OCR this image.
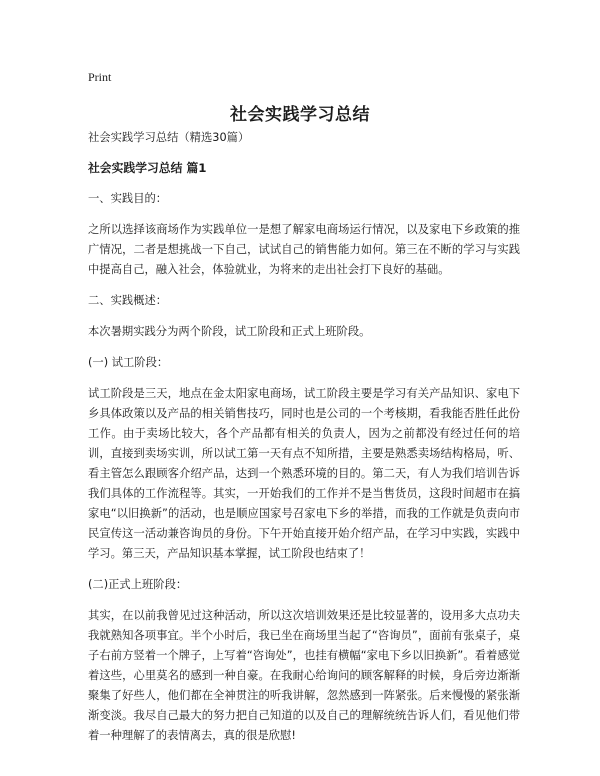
Print
社会实践学习总结

社会实践学习总结（精选30篇）

社会实践学习总结 篇1

一、实践目的：

之所以选择该商场作为实践单位一是想了解家电商场运行情况，以及家电下乡政策的推广情况，二者是想挑战一下自己，试试自己的销售能力如何。第三在不断的学习与实践中提高自己，融入社会，体验就业，为将来的走出社会打下良好的基础。

二、实践概述：

本次暑期实践分为两个阶段，试工阶段和正式上班阶段。

(一) 试工阶段：

试工阶段是三天，地点在金太阳家电商场，试工阶段主要是学习有关产品知识、家电下乡具体政策以及产品的相关销售技巧，同时也是公司的一个考核期，看我能否胜任此份工作。由于卖场比较大，各个产品都有相关的负责人，因为之前都没有经过任何的培训，直接到卖场实训，所以试工第一天有点不知所措，主要是熟悉卖场结构格局，听、看主管怎么跟顾客介绍产品，达到一个熟悉环境的目的。第二天，有人为我们培训告诉我们具体的工作流程等。其实，一开始我们的工作并不是当售货员，这段时间超市在搞家电“以旧换新”的活动，也是顺应国家号召家电下乡的举措，而我的工作就是负责向市民宣传这一活动兼咨询员的身份。下午开始直接开始介绍产品，在学习中实践，实践中学习。第三天，产品知识基本掌握，试工阶段也结束了！

(二)正式上班阶段：

其实，在以前我曾见过这种活动，所以这次培训效果还是比较显著的，设用多大点功夫我就熟知各项事宜。半个小时后，我已坐在商场里当起了“咨询员”，面前有张桌子，桌子右前方竖着一个牌子，上写着“咨询处”，也挂有横幅“家电下乡以旧换新”。看着感觉着这些，心里莫名的感到一种自豪。在我耐心给询问的顾客解释的时候，身后旁边渐渐聚集了好些人，他们都在全神贯注的听我讲解，忽然感到一阵紧张。后来慢慢的紧张渐渐变淡。我尽自己最大的努力把自己知道的以及自己的理解统统告诉人们，看见他们带着一种理解了的表情离去，真的很是欣慰!
